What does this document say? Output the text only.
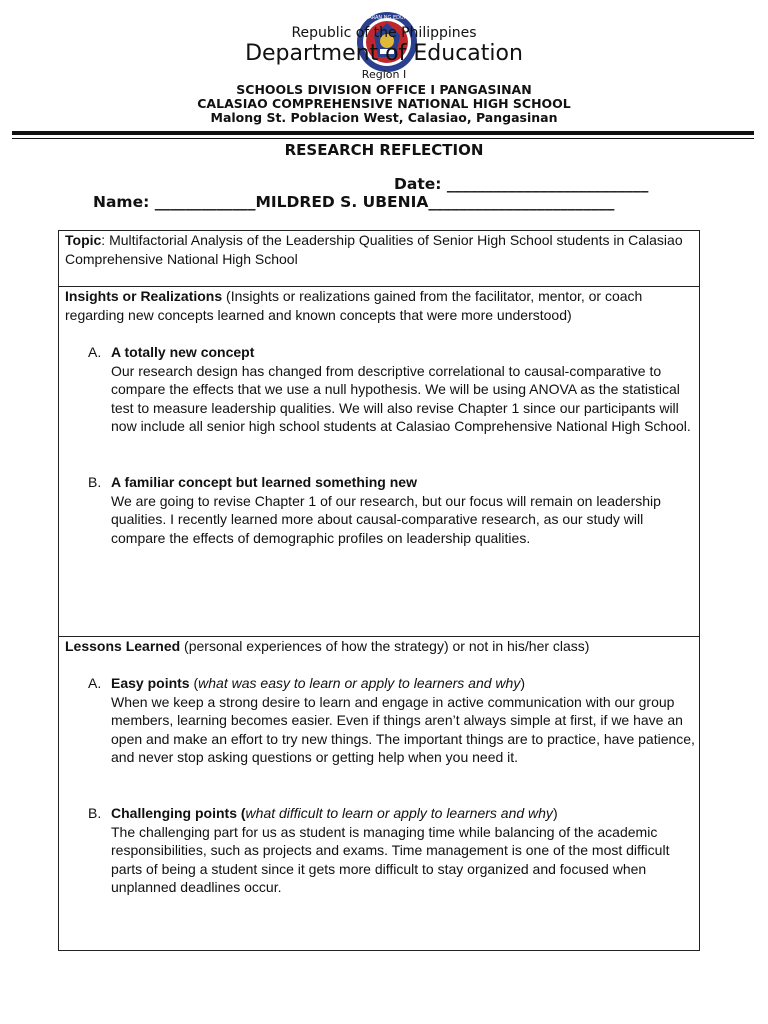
KAGAWARAN NG EDUKASYON
Republic of the Philippines
Department of Education
Region I
SCHOOLS DIVISION OFFICE I PANGASINAN
CALASIAO COMPREHENSIVE NATIONAL HIGH SCHOOL
Malong St. Poblacion West, Calasiao, Pangasinan
RESEARCH REFLECTION
Date: __________________________
Name: _____________MILDRED S. UBENIA________________________
Topic: Multifactorial Analysis of the Leadership Qualities of Senior High School students in Calasiao Comprehensive National High School
Insights or Realizations (Insights or realizations gained from the facilitator, mentor, or coach regarding new concepts learned and known concepts that were more understood)
A. A totally new concept
Our research design has changed from descriptive correlational to causal-comparative to compare the effects that we use a null hypothesis. We will be using ANOVA as the statistical test to measure leadership qualities. We will also revise Chapter 1 since our participants will now include all senior high school students at Calasiao Comprehensive National High School.
B. A familiar concept but learned something new
We are going to revise Chapter 1 of our research, but our focus will remain on leadership qualities. I recently learned more about causal-comparative research, as our study will compare the effects of demographic profiles on leadership qualities.
Lessons Learned (personal experiences of how the strategy) or not in his/her class)
A. Easy points (what was easy to learn or apply to learners and why)
When we keep a strong desire to learn and engage in active communication with our group members, learning becomes easier. Even if things aren’t always simple at first, if we have an open and make an effort to try new things. The important things are to practice, have patience, and never stop asking questions or getting help when you need it.
B. Challenging points (what difficult to learn or apply to learners and why)
The challenging part for us as student is managing time while balancing of the academic responsibilities, such as projects and exams. Time management is one of the most difficult parts of being a student since it gets more difficult to stay organized and focused when unplanned deadlines occur.
